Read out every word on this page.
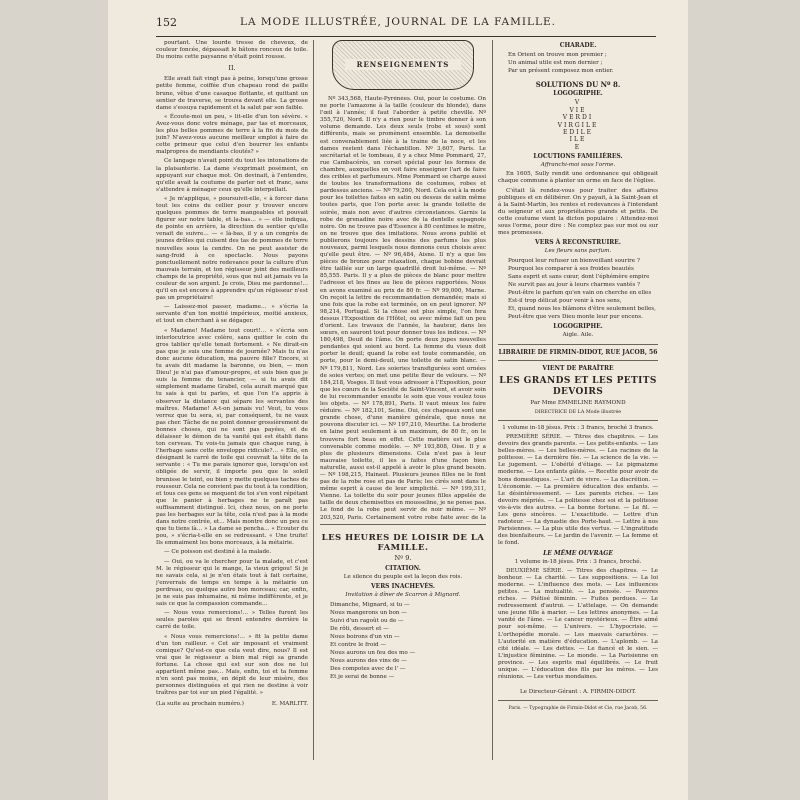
152	LA MODE ILLUSTRÉE, JOURNAL DE LA FAMILLE.

pourtant. Une lourde tresse de cheveux, de couleur foncée, dépassait le bâtons ronceux de toile. Du moins cette paysanne n'était point rousse.

II.

Elle avait fait vingt pas à peine, lorsqu'une grosse petite femme, coiffée d'un chapeau rond de paille brune, vêtue d'une casaque flottante, et quittant un sentier de traverse, se trouva devant elle. La grosse dame s'essuya rapidement et la salut par son faible.

« Écoute-moi un peu, » lit-elle d'un ton sévère. « Avez-vous donc votre ménage, par tas et morceaux, les plus belles pommes de terre à la fin du mois de juin? N'avez-vous aucune meilleur emploi à faire de cette primeur que celui d'en bourrer les enfants malpropres de mendiants cloutés? »

Ce langage n'avait point du tout les intonations de la plaisanterie. La dame s'exprimait posément, en appuyant sur chaque mot. On devinait, à l'entendre, qu'elle avait la coutume de parler net et franc, sans s'attendre à ménager ceux qu'elle interpellait.

« Je m'applique, » poursuivit-elle, « à forcer dans tout les coins du cellier pour y trouver encore quelques pommes de terre mangeables et pouvait figurer sur notre table, et la-bas… » — elle indiqua, de pointe en arrière, la direction du sentier qu'elle venait de suivre… — « là-bas, il y a un congrès de jeunes drôles qui cuisent des tas de pommes de terre nouvelles sous la cendre. On ne peut assister de sang-froid à ce spectacle. Nous payons ponctuellement notre redevance pour la culture d'un mauvais terrain, et ton régisseur joint des meilleurs champs de la propriété, sous que nul ait jamais vu la couleur de son argent. Je crois, Dieu me pardonne!… qu'il en est encore à apprendre qu'un régisseur n'est pas un propriétaire!

— Laissez-moi passer, madame… » s'écria la servante d'un ton moitié impérieux, moitié anxieux, et tout en cherchant à se dégager.

« Madame! Madame tout court!… » s'écria son interlocutrice avec colère, sans quitter le coin du gros tablier qu'elle tenait fortement. « Ne dirait-on pas que je suis une femme de journée? Mais tu n'as donc aucune éducation, ma pauvre fille? Encore, si tu avais dit madame la baronne, ou bien, — mon Dieu! je n'ai pas d'amour-propre, et suis bien que je suis la femme du tenancier, — si tu avais dit simplement madame Grabel, cela aurait marqué que tu sais à qui tu parles, et que l'on t'a appris à observer la distance qui sépare les servantes des maîtres. Madame! A-t-on jamais vu! Veut, tu vous verrez que tu sera, si, par conséquent, tu ne vaux pas cher. Tâche de ne point donner grossièrement de bonnes choses, qui ne sont pas payées, et de délaisser le démon de ta vanité qui est établi dans ton cerveau. Tu vois-tu jamais que chaque rang, à l'herbage sans cette enveloppe ridicule?… » Elle, en désignant le carré de toile qui couvrait la tête de la servante : « Tu me parais ignorer que, lorsqu'on est obligée de servir, il importe peu que le soleil brunisse le teint, ou bien y mette quelques taches de rousseur. Cela ne convient pas du tout à ta condition, et tous ces gens se moquent de toi s'en vont répétant que le panier à herbages ne te paraît pas suffisamment distingué. Ici, chez nous, on ne porte pas les herbages sur la tête, cela n'est pas à la mode dans notre contrée, et… Mais montre donc un peu ce que tu tiens là… » La dame se pencha… « Ecouter du pou, » s'écria-t-elle en se redressant. « Une truite! Ils emmaiment les bons morceaux, à la métairie.

— Ce poisson est destiné à la malade.

— Oui, ou va le chercher pour la malade, et c'est M. le régisseur qui le mange, la vieux grigou! Si je ne savais cela, si je n'en étais tout à fait certaine, j'enverrais de temps en temps à la métairie un perdreau, ou quelque autre bon morceau; car, enfin, je ne suis pas inhumaine, ni même indifférente, et je sais ce que la compassion commande…

— Nous vous remercions!… » Telles furent les seules paroles qui se firent entendre derrière le carré de toile.

« Nous vous remercions!… » fit la petite dame d'un ton railleur. « Cet air imposant et vraiment comique? Qu'est-ce que cela veut dire, nous? Il est vrai que le régisseur a bien mal régi sa grande fortune. La chose qui est sur son dos ne lui appartient même pas… Mais, enfin, toi et ta femme n'en sont pas moins, en dépit de leur misère, des personnes distinguées et qui rien ne destine à voir traîtres par toi sur un pied l'égalité. »

(La suite au prochain numéro.)	E. MARLITT.
RENSEIGNEMENTS

Nº 343,568, Haute-Pyrénées. Oui, pour le costume. On ne porte l'amazone à la taille (couleur du blonde), dans l'œil à l'année; il faut l'aborder à petite cheville. Nº 355,720, Nord. Il n'y a rien pour le timbre donner à son volume demande. Les deux seuls (robe et sous) sont différents, mais se promènent ensemble. La demoiselle est convenablement liée à la traine de la noce, et les dames restent dans l'échantillon. Nº 3,607, Paris. Le secrétariat et le tombeau, il y a chez Mme Pommard, 27, rue Cambacérès, un corset spécial pour les formes de chambre, auxquelles on voit faire enseigner l'art de faire des cribles et parfumeurs. Mme Pommard se charge aussi de toutes les transformations de costumes, robes et pardessus anciens. — Nº 79,260, Nord. Cela est à la mode pour les toilettes faites en satin ou dessus de satin même toutes parts, que l'on porte avec la grande toilette de soirée, mais non avec d'autres circonstances. Garnis la robe de grenadine noire avec de la dentelle espagnole noire. On ne trouve pas d'Essence à 80 centimes le mètre, on ne trouve que des imitations. Nous avons publié et publierons toujours les dessins des parfums les plus nouveaux, parmi lesquels nous donnons ceux choisis avec qu'elle peut être. — Nº 96,484, Aisne. Il n'y a que les pièces de bronze pour relaxation, chaque bobine devrait être taillée sur un large quadrillé droit lui-même. — Nº 85,555. Paris. Il y a plus de pièces de blanc pour mettre l'adresse et les fines au lieu de pièces rapportées. Nous en avons examiné au prix de 80 fr. — Nº 99,000, Marne. On reçoit la lettre de recommandation demandée; mais si une fois que la robe est terminée, on en peut ignorer. Nº 98,214, Portugal. Si la chose est plus simple, l'on fera dessus l'Exposition de l'Hôtel, ou avec même fait un peu d'orient. Les travaux de l'année, la hauteur, dans les sœurs, en sauront tout pour donner tous les indices. — Nº 180,498, Deuil de l'âme. On porte deux jupes nouvelles pendantes qui soient au bord. La femme du vieux doit porter le deuil; quand la robe est toute commandée, on porte, pour le demi-deuil, une toilette de satin blanc. — Nº 179,811, Nord. Les soieries transfigurées sont ornées de soies vertes; on met une petite fleur de velours. — Nº 184,218, Vosges. Il faut vous adresser à l'Exposition, pour que les cœurs de la Société de Saint-Vincent, et avoir soin de lui recommander ensuite le soin que vous voulez tous les objets. — Nº 178,891, Paris. Il vaut mieux les faire réduire. — Nº 182,101, Seine. Oui, ces chapeaux sont une grande chose, d'une manière générale, que nous ne pouvons discuter ici. — Nº 197,210, Meurthe. La broderie en laine peut seulement à un maximum, de 80 fr., on le trouvera fort beau en effet. Cette matière est le plus convenable comme modèle. — Nº 193,808, Oise. Il y a plus de plusieurs dimensions. Cela n'est pas à leur mauvaise toilette, il les a faites d'une façon bien naturelle, aussi est-il appelé à avoir le plus grand besoin. — Nº 198,215, Hainaut. Plusieurs jeunes filles ne le font pas de la robe rose et pas de Paris; les cirés sont dans le même esprit à cause de leur simplicité. — Nº 199,311, Vienne. La toilette du soir pour jeunes filles appelée de taille de deux chemisettes en mousseline, je ne pense pas. Le fond de la robe peut servir de noir même. — Nº 203,520, Paris. Certainement votre robe faite avec de la

LES HEURES DE LOISIR DE LA FAMILLE.
Nº 9.
CITATION.

Le silence du peuple est la leçon des rois.

VERS INACHEVÉS.

Invitation à dîner de Scarron à Mignard.

Dimanche, Mignard, si tu —

Nous mangerons un bon —

Suivi d'un ragoût ou de —

De rôti, dessert et —

Nous boirons d'un vin —

Et contre le froid —

Nous aurons un feu des mo —

Nous aurons des vins de —

Des compotes avec de l' —

Et je serai de bonne —

CHARADE.

En Orient on trouve mon premier ;

Un animal utile est mon dernier ;

Par un présent composez mon entier.

SOLUTIONS DU Nº 8.
LOGOGRIPHE.
V
VIE
VERDI
VIRGILE
EDILE
ILE
E
LOCUTIONS FAMILIÈRES.

Affranchi-moi sous l'orme.

En 1605, Sully rendit une ordonnance qui obligeait chaque commune à planter un orme en face de l'église.

C'était là rendez-vous pour traiter des affaires publiques et en délibérer. On y payait, à la Saint-Jean et à la Saint-Martin, les rentes et redevances à l'intendant du seigneur et aux propriétaires grands et petits. De cette coutume vient la dicton populaire : Attendez-moi sous l'orme, pour dire : Ne comptez pas sur moi ou sur mes promesses.

VERS À RECONSTRUIRE.

Les fleurs sans parfum.

Pourquoi leur refuser un bienveillant sourire ?

Pourquoi les comparer à ses froides beautés

Sans esprit et sans cœur, dont l'éphémère empire

Ne survit pas au jour à leurs charmes vantés ?

Peut-être le parfum qu'en vain on cherche en elles

Est-il trop délicat pour venir à nos sens,

Et, quand nous les blâmons d'être seulement belles,

Peut-être que vers Dieu monte leur pur encens.

LOGOGRIPHE.

Aigle. Aile.

LIBRAIRIE DE FIRMIN-DIDOT, RUE JACOB, 56
VIENT DE PARAÎTRE
LES GRANDS ET LES PETITS DEVOIRS
Par Mme EMMELINE RAYMOND
DIRECTRICE DE LA Mode illustrée

1 volume in-18 jésus. Prix : 3 francs, broché 3 francs.

PREMIÈRE SÉRIE. — Titres des chapitres. — Les devoirs des grands parents. — Les petits-enfants. — Les belles-mères. — Les belles-mères. — Les racines de la politesse. — La dernière fée. — La science de la vie. — Le jugement. — L'obéité d'étiage. — Le pigmaizme moderne. — Les enfants gâtés. — Recette pour avoir de bons domestiques. — L'art de vivre. — La discrétion. — L'économie. — La première éducation des enfants. — Le désintéressement. — Les parents riches. — Les devoirs mépriés. — La politesse chez soi et la politesse vis-à-vis des autres. — La bonne fortune. — Le fil. — Les gens sincères. — L'exactitude. — Lettre d'un radoteur. — La dynastie des Porte-haut. — Lettre à nos Parisiennes. — La plus utile des vertus. — L'ingratitude des bienfaiteurs. — Le jardin de l'avenir. — La femme et le fond.

LE MÊME OUVRAGE

1 volume in-18 jésus. Prix : 3 francs, broché.

DEUXIÈME SÉRIE. — Titres des chapitres. — Le bonheur. — La charité. — Les suppositions. — La loi moderne. — L'influence des mots. — Les influences petites. — La mutualité. — La pensée. — Pauvres riches. — Piétisé féminin. — Fuites perdues. — Le redressement d'autrui. — L'attelage. — On demande une jeune fille à marier. — Les lettres anonymes. — La vanité de l'âme. — Le cancer mystérieux. — Être aimé pour soi-même. — L'univers. — L'hypocrisie. — L'orthopédie morale. — Les mauvais caractères. — L'autorité en matière d'éducation. — L'aplomb. — La cité idéale. — Les dettes. — Le fiancé et le sien. — L'injustice féminine. — Le monde. — La Parisienne en province. — Les esprits mal équilibrés. — Le fruit unique. — L'éducation des fils par les mères. — Les réunions. — Les vertus mondaines.

Le Directeur-Gérant : A. FIRMIN-DIDOT.
Paris. — Typographie de Firmin-Didot et Cie, rue Jacob, 56.
